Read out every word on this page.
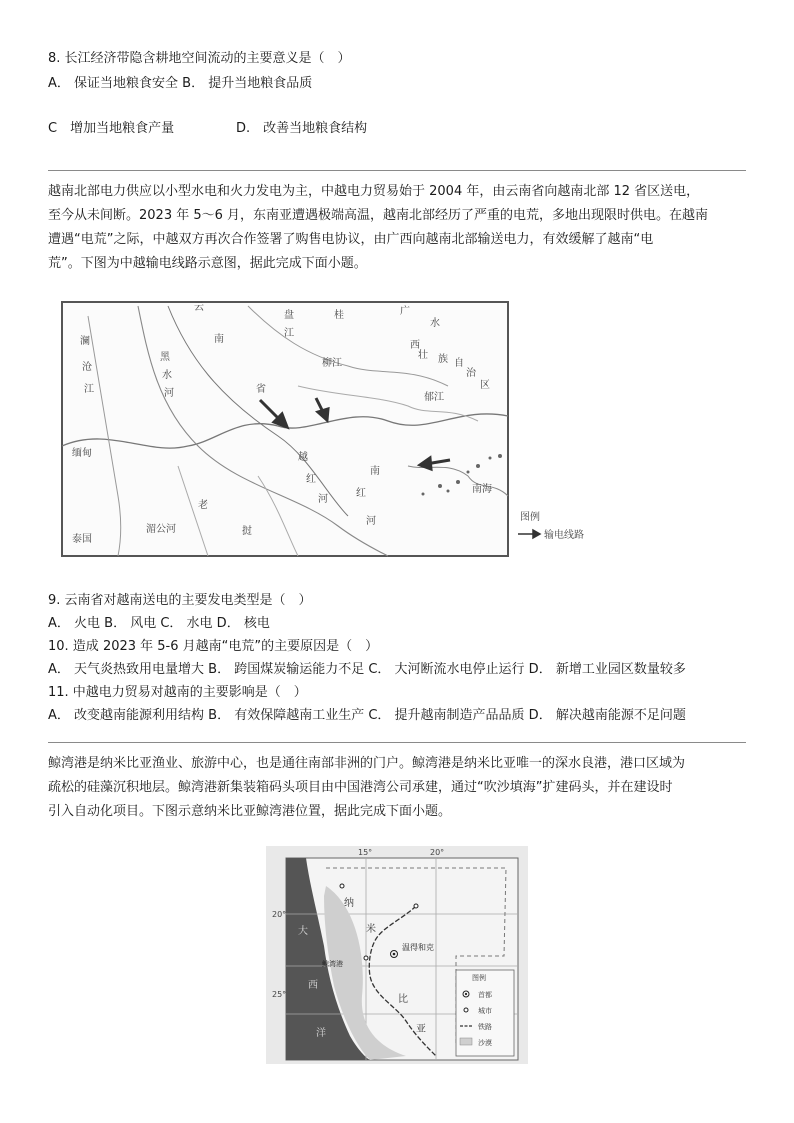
8. 长江经济带隐含耕地空间流动的主要意义是（　）
A． 保证当地粮食安全 B． 提升当地粮食品质
C　增加当地粮食产量	D.　改善当地粮食结构
越南北部电力供应以小型水电和火力发电为主，中越电力贸易始于 2004 年，由云南省向越南北部 12 省区送电，
至今从未间断。2023 年 5～6 月，东南亚遭遇极端高温，越南北部经历了严重的电荒，多地出现限时供电。在越南
遭遇“电荒”之际，中越双方再次合作签署了购售电协议，由广西向越南北部输送电力，有效缓解了越南“电
荒”。下图为中越输电线路示意图，据此完成下面小题。
云
南
省
盘
江
广
西
壮 族 自
治
区
桂
水
郁江
柳江
澜
沧
江
黑
水
河
缅甸
老
挝
泰国
湄公河
越
红
河
南
南海
红
河	图例
输电线路
9. 云南省对越南送电的主要发电类型是（　）
A． 火电 B． 风电 C． 水电 D． 核电
10. 造成 2023 年 5-6 月越南“电荒”的主要原因是（　）
A． 天气炎热致用电量增大 B． 跨国煤炭输运能力不足 C． 大河断流水电停止运行 D． 新增工业园区数量较多
11. 中越电力贸易对越南的主要影响是（　）
A． 改变越南能源利用结构 B． 有效保障越南工业生产 C． 提升越南制造产品品质 D． 解决越南能源不足问题
鲸湾港是纳米比亚渔业、旅游中心，也是通往南部非洲的门户。鲸湾港是纳米比亚唯一的深水良港，港口区域为
疏松的硅藻沉积地层。鲸湾港新集装箱码头项目由中国港湾公司承建，通过“吹沙填海”扩建码头，并在建设时
引入自动化项目。下图示意纳米比亚鲸湾港位置，据此完成下面小题。
15°	20°
20°
25°
大
西
洋
纳
米
比
亚
鲸湾港
温得和克
图例
首都
城市
铁路
沙漠
